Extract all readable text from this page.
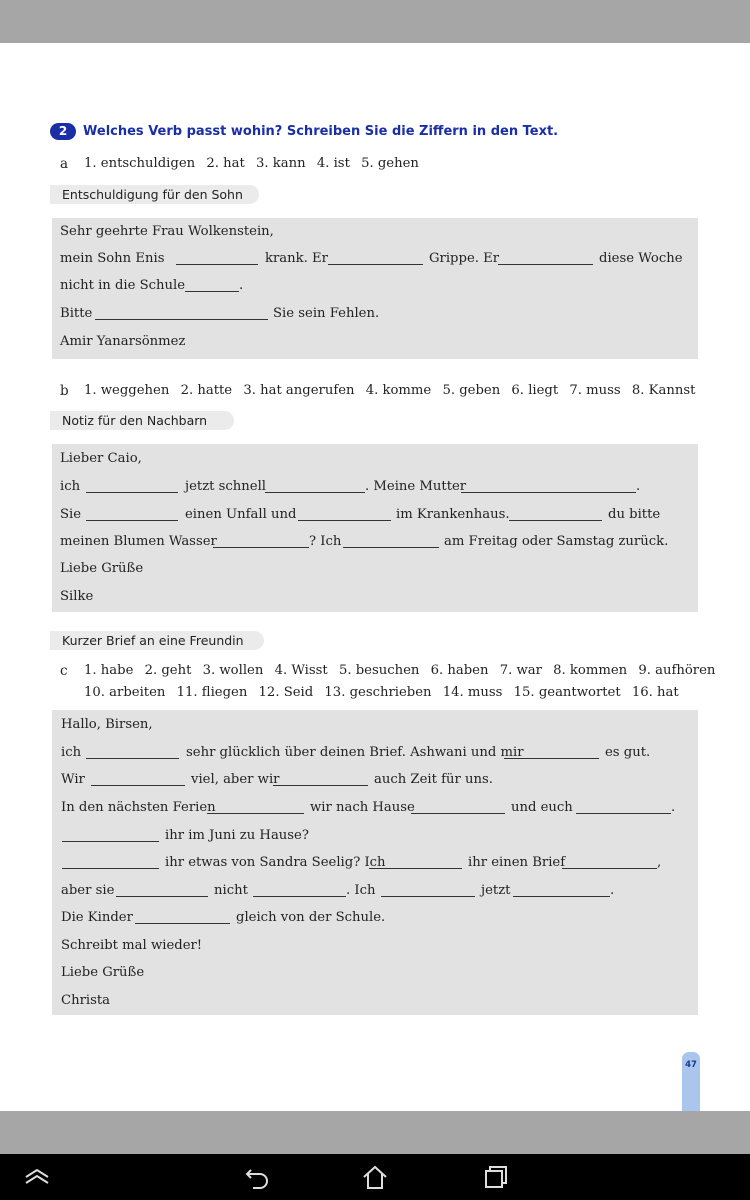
2	Welches Verb passt wohin? Schreiben Sie die Ziffern in den Text.
a 1. entschuldigen 2. hat 3. kann 4. ist 5. gehen
Entschuldigung für den Sohn
Sehr geehrte Frau Wolkenstein,
mein Sohn Enis	krank. Er	Grippe. Er	diese Woche
nicht in die Schule	.
Bitte	Sie sein Fehlen.
Amir Yanarsönmez
b 1. weggehen 2. hatte 3. hat angerufen 4. komme 5. geben 6. liegt 7. muss 8. Kannst
Notiz für den Nachbarn
Lieber Caio,
ich	jetzt schnell	. Meine Mutter	.
Sie	einen Unfall und	im Krankenhaus.	du bitte
meinen Blumen Wasser	? Ich	am Freitag oder Samstag zurück.
Liebe Grüße
Silke
Kurzer Brief an eine Freundin
c 1. habe 2. geht 3. wollen 4. Wisst 5. besuchen 6. haben 7. war 8. kommen 9. aufhören
10. arbeiten 11. fliegen 12. Seid 13. geschrieben 14. muss 15. geantwortet 16. hat
Hallo, Birsen,
ich	sehr glücklich über deinen Brief. Ashwani und mir	es gut.
Wir	viel, aber wir	auch Zeit für uns.
In den nächsten Ferien	wir nach Hause	und euch	.
ihr im Juni zu Hause?
ihr etwas von Sandra Seelig? Ich	ihr einen Brief	,
aber sie	nicht	. Ich	jetzt	.
Die Kinder	gleich von der Schule.
Schreibt mal wieder!
Liebe Grüße
Christa
47
